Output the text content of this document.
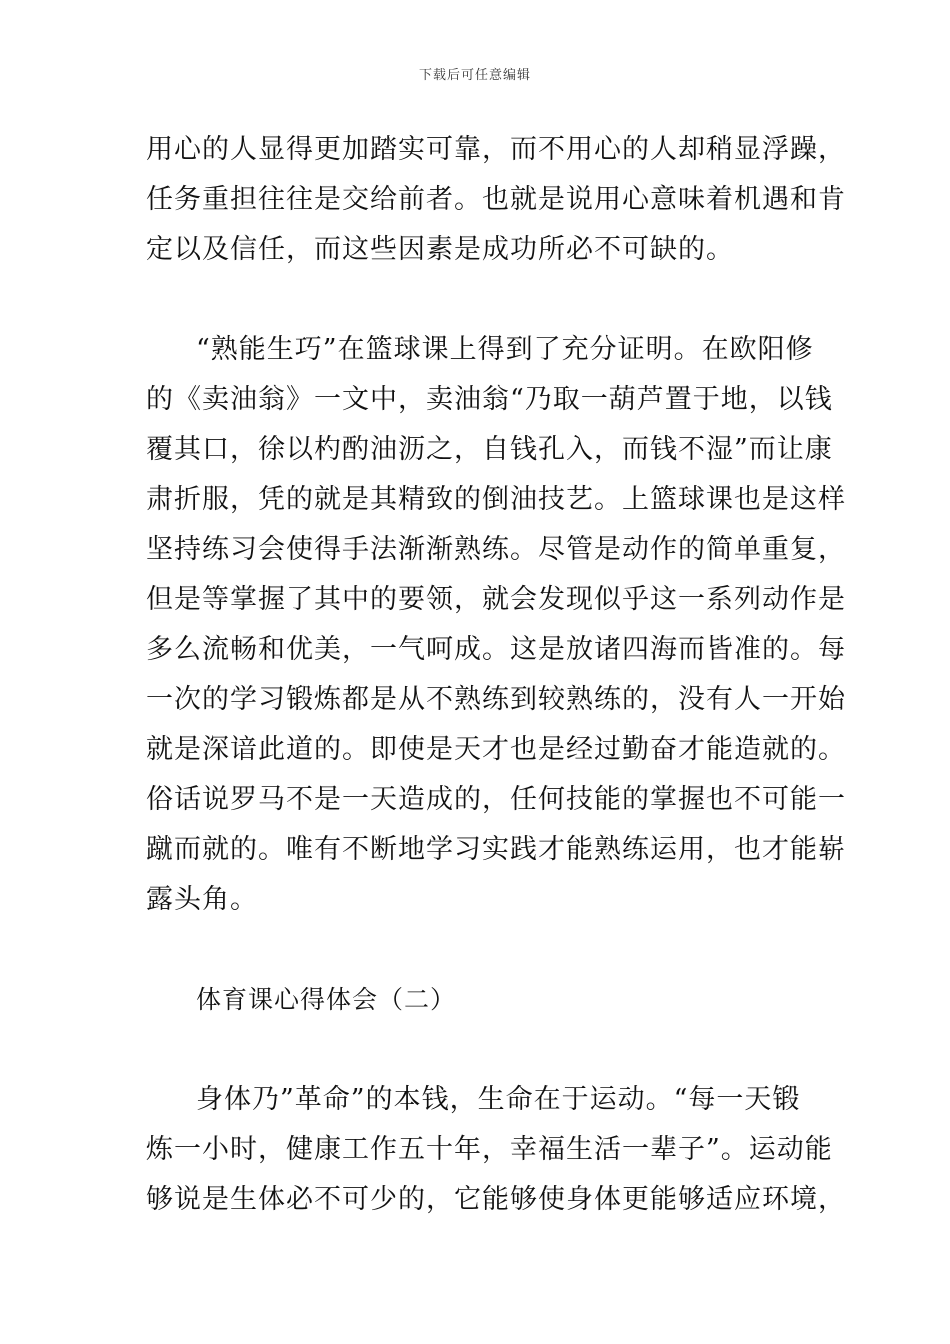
下载后可任意编辑
用心的人显得更加踏实可靠，而不用心的人却稍显浮躁，
任务重担往往是交给前者。也就是说用心意味着机遇和肯
定以及信任，而这些因素是成功所必不可缺的。
“熟能生巧”在篮球课上得到了充分证明。在欧阳修
的《卖油翁》一文中，卖油翁“乃取一葫芦置于地，以钱
覆其口，徐以杓酌油沥之，自钱孔入，而钱不湿”而让康
肃折服，凭的就是其精致的倒油技艺。上篮球课也是这样
坚持练习会使得手法渐渐熟练。尽管是动作的简单重复，
但是等掌握了其中的要领，就会发现似乎这一系列动作是
多么流畅和优美，一气呵成。这是放诸四海而皆准的。每
一次的学习锻炼都是从不熟练到较熟练的，没有人一开始
就是深谙此道的。即使是天才也是经过勤奋才能造就的。
俗话说罗马不是一天造成的，任何技能的掌握也不可能一
蹴而就的。唯有不断地学习实践才能熟练运用，也才能崭
露头角。
体育课心得体会（二）
身体乃”革命”的本钱，生命在于运动。“每一天锻
炼一小时，健康工作五十年，幸福生活一辈子”。运动能
够说是生体必不可少的，它能够使身体更能够适应环境，
